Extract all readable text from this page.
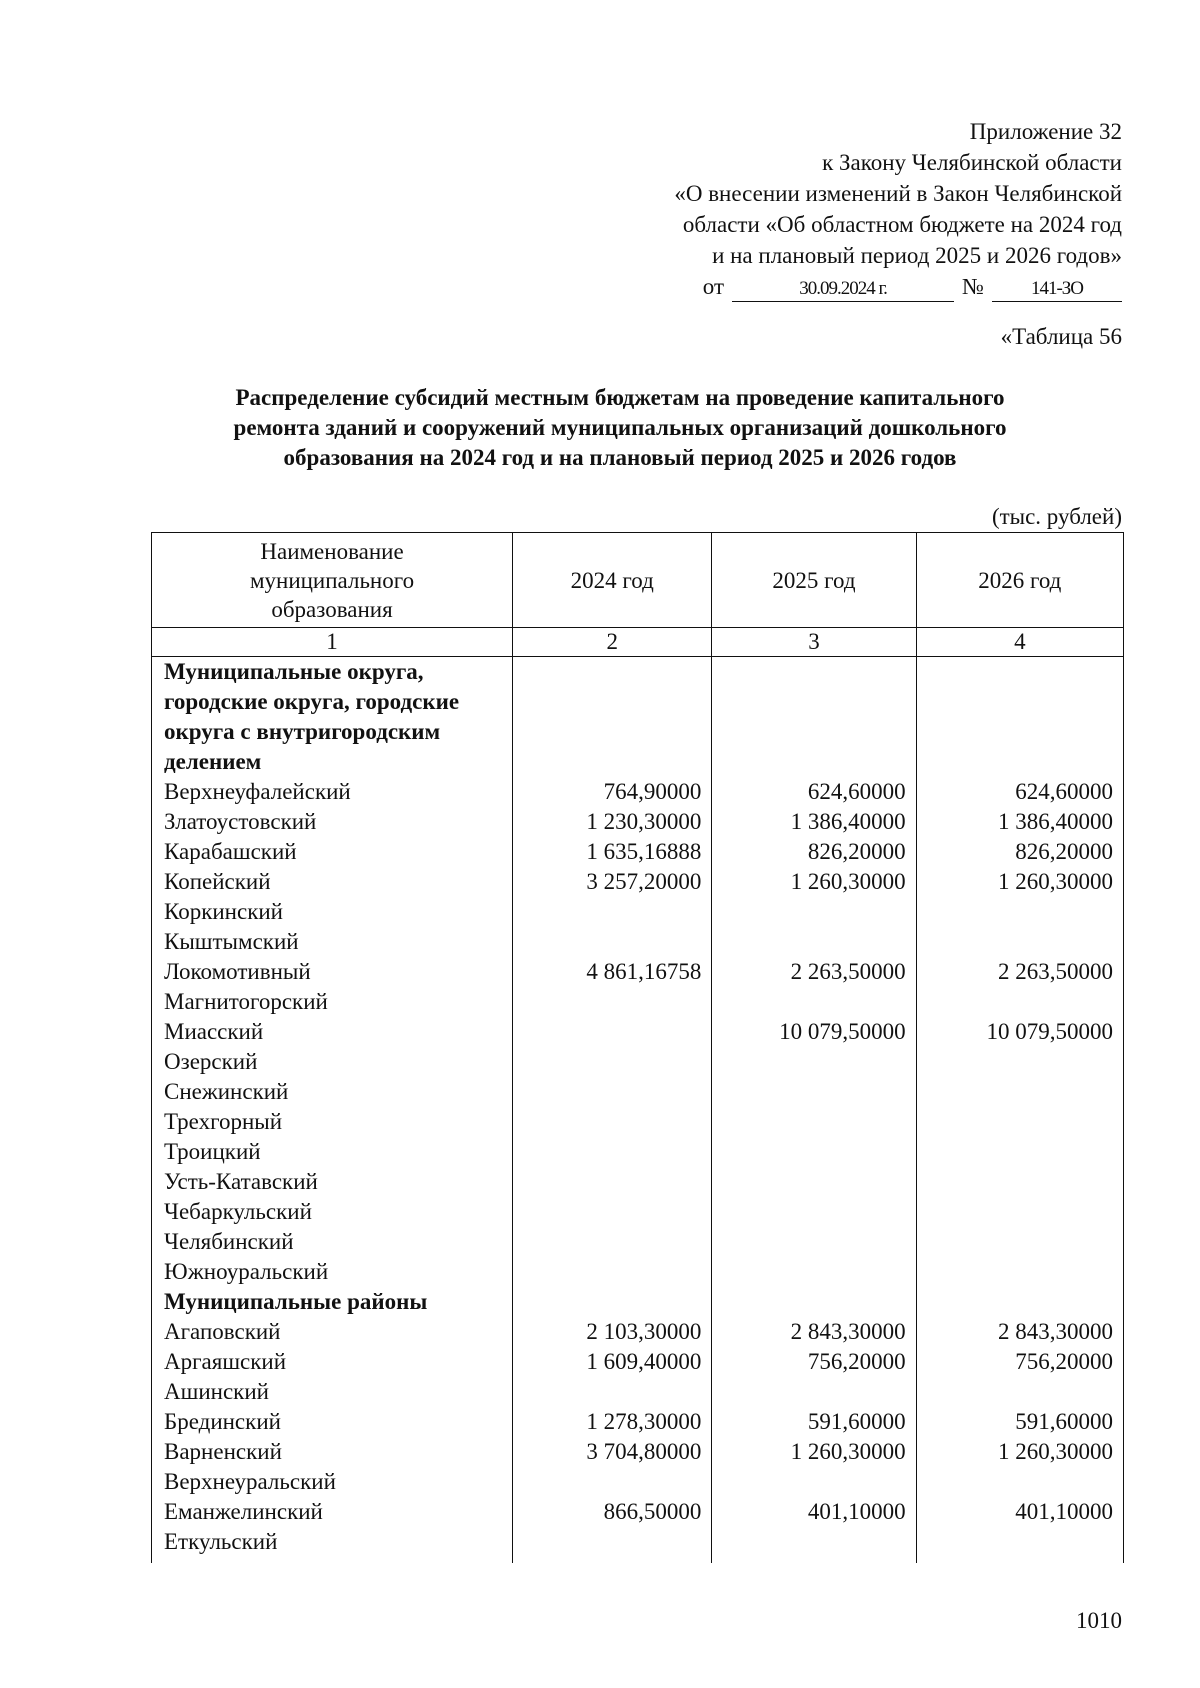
Приложение 32
к Закону Челябинской области
«О внесении изменений в Закон Челябинской
области «Об областном бюджете на 2024 год
и на плановый период 2025 и 2026 годов»
от	30.09.2024 г.	№	141-ЗО
«Таблица 56
Распределение субсидий местным бюджетам на проведение капитального
ремонта зданий и сооружений муниципальных организаций дошкольного
образования на 2024 год и на плановый период 2025 и 2026 годов
(тыс. рублей)
Наименование муниципального образования	2024 год	2025 год	2026 год
1	2	3	4
Муниципальные округа, городские округа, городские округа с внутригородским делением			
Верхнеуфалейский	764,90000	624,60000	624,60000
Златоустовский	1 230,30000	1 386,40000	1 386,40000
Карабашский	1 635,16888	826,20000	826,20000
Копейский	3 257,20000	1 260,30000	1 260,30000
Коркинский			
Кыштымский			
Локомотивный	4 861,16758	2 263,50000	2 263,50000
Магнитогорский			
Миасский		10 079,50000	10 079,50000
Озерский			
Снежинский			
Трехгорный			
Троицкий			
Усть-Катавский			
Чебаркульский			
Челябинский			
Южноуральский			
Муниципальные районы			
Агаповский	2 103,30000	2 843,30000	2 843,30000
Аргаяшский	1 609,40000	756,20000	756,20000
Ашинский			
Брединский	1 278,30000	591,60000	591,60000
Варненский	3 704,80000	1 260,30000	1 260,30000
Верхнеуральский			
Еманжелинский	866,50000	401,10000	401,10000
Еткульский			

1010
